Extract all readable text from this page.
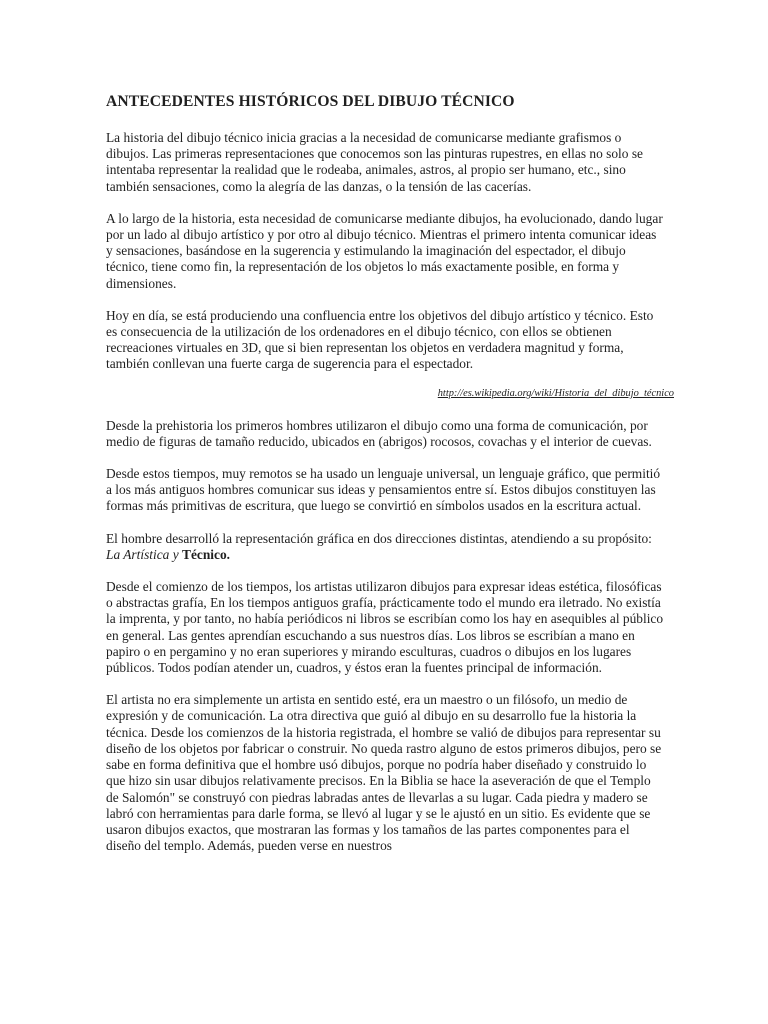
ANTECEDENTES HISTÓRICOS DEL DIBUJO TÉCNICO

La historia del dibujo técnico inicia gracias a la necesidad de comunicarse mediante grafismos o dibujos. Las primeras representaciones que conocemos son las pinturas rupestres, en ellas no solo se intentaba representar la realidad que le rodeaba, animales, astros, al propio ser humano, etc., sino también sensaciones, como la alegría de las danzas, o la tensión de las cacerías.

A lo largo de la historia, esta necesidad de comunicarse mediante dibujos, ha evolucionado, dando lugar por un lado al dibujo artístico y por otro al dibujo técnico. Mientras el primero intenta comunicar ideas y sensaciones, basándose en la sugerencia y estimulando la imaginación del espectador, el dibujo técnico, tiene como fin, la representación de los objetos lo más exactamente posible, en forma y dimensiones.

Hoy en día, se está produciendo una confluencia entre los objetivos del dibujo artístico y técnico. Esto es consecuencia de la utilización de los ordenadores en el dibujo técnico, con ellos se obtienen recreaciones virtuales en 3D, que si bien representan los objetos en verdadera magnitud y forma, también conllevan una fuerte carga de sugerencia para el espectador.

http://es.wikipedia.org/wiki/Historia_del_dibujo_técnico

Desde la prehistoria los primeros hombres utilizaron el dibujo como una forma de comunicación, por medio de figuras de tamaño reducido, ubicados en (abrigos) rocosos, covachas y el interior de cuevas.

Desde estos tiempos, muy remotos se ha usado un lenguaje universal, un lenguaje gráfico, que permitió a los más antiguos hombres comunicar sus ideas y pensamientos entre sí. Estos dibujos constituyen las formas más primitivas de escritura, que luego se convirtió en símbolos usados en la escritura actual.

El hombre desarrolló la representación gráfica en dos direcciones distintas, atendiendo a su propósito: La Artística y Técnico.

Desde el comienzo de los tiempos, los artistas utilizaron dibujos para expresar ideas estética, filosóficas o abstractas grafía, En los tiempos antiguos grafía, prácticamente todo el mundo era iletrado. No existía la imprenta, y por tanto, no había periódicos ni libros se escribían como los hay en asequibles al público en general. Las gentes aprendían escuchando a sus nuestros días. Los libros se escribían a mano en papiro o en pergamino y no eran superiores y mirando esculturas, cuadros o dibujos en los lugares públicos. Todos podían atender un, cuadros, y éstos eran la fuentes principal de información.

El artista no era simplemente un artista en sentido esté, era un maestro o un filósofo, un medio de expresión y de comunicación. La otra directiva que guió al dibujo en su desarrollo fue la historia la técnica. Desde los comienzos de la historia registrada, el hombre se valió de dibujos para representar su diseño de los objetos por fabricar o construir. No queda rastro alguno de estos primeros dibujos, pero se sabe en forma definitiva que el hombre usó dibujos, porque no podría haber diseñado y construido lo que hizo sin usar dibujos relativamente precisos. En la Biblia se hace la aseveración de que el Templo de Salomón" se construyó con piedras labradas antes de llevarlas a su lugar. Cada piedra y madero se labró con herramientas para darle forma, se llevó al lugar y se le ajustó en un sitio. Es evidente que se usaron dibujos exactos, que mostraran las formas y los tamaños de las partes componentes para el diseño del templo. Además, pueden verse en nuestros
